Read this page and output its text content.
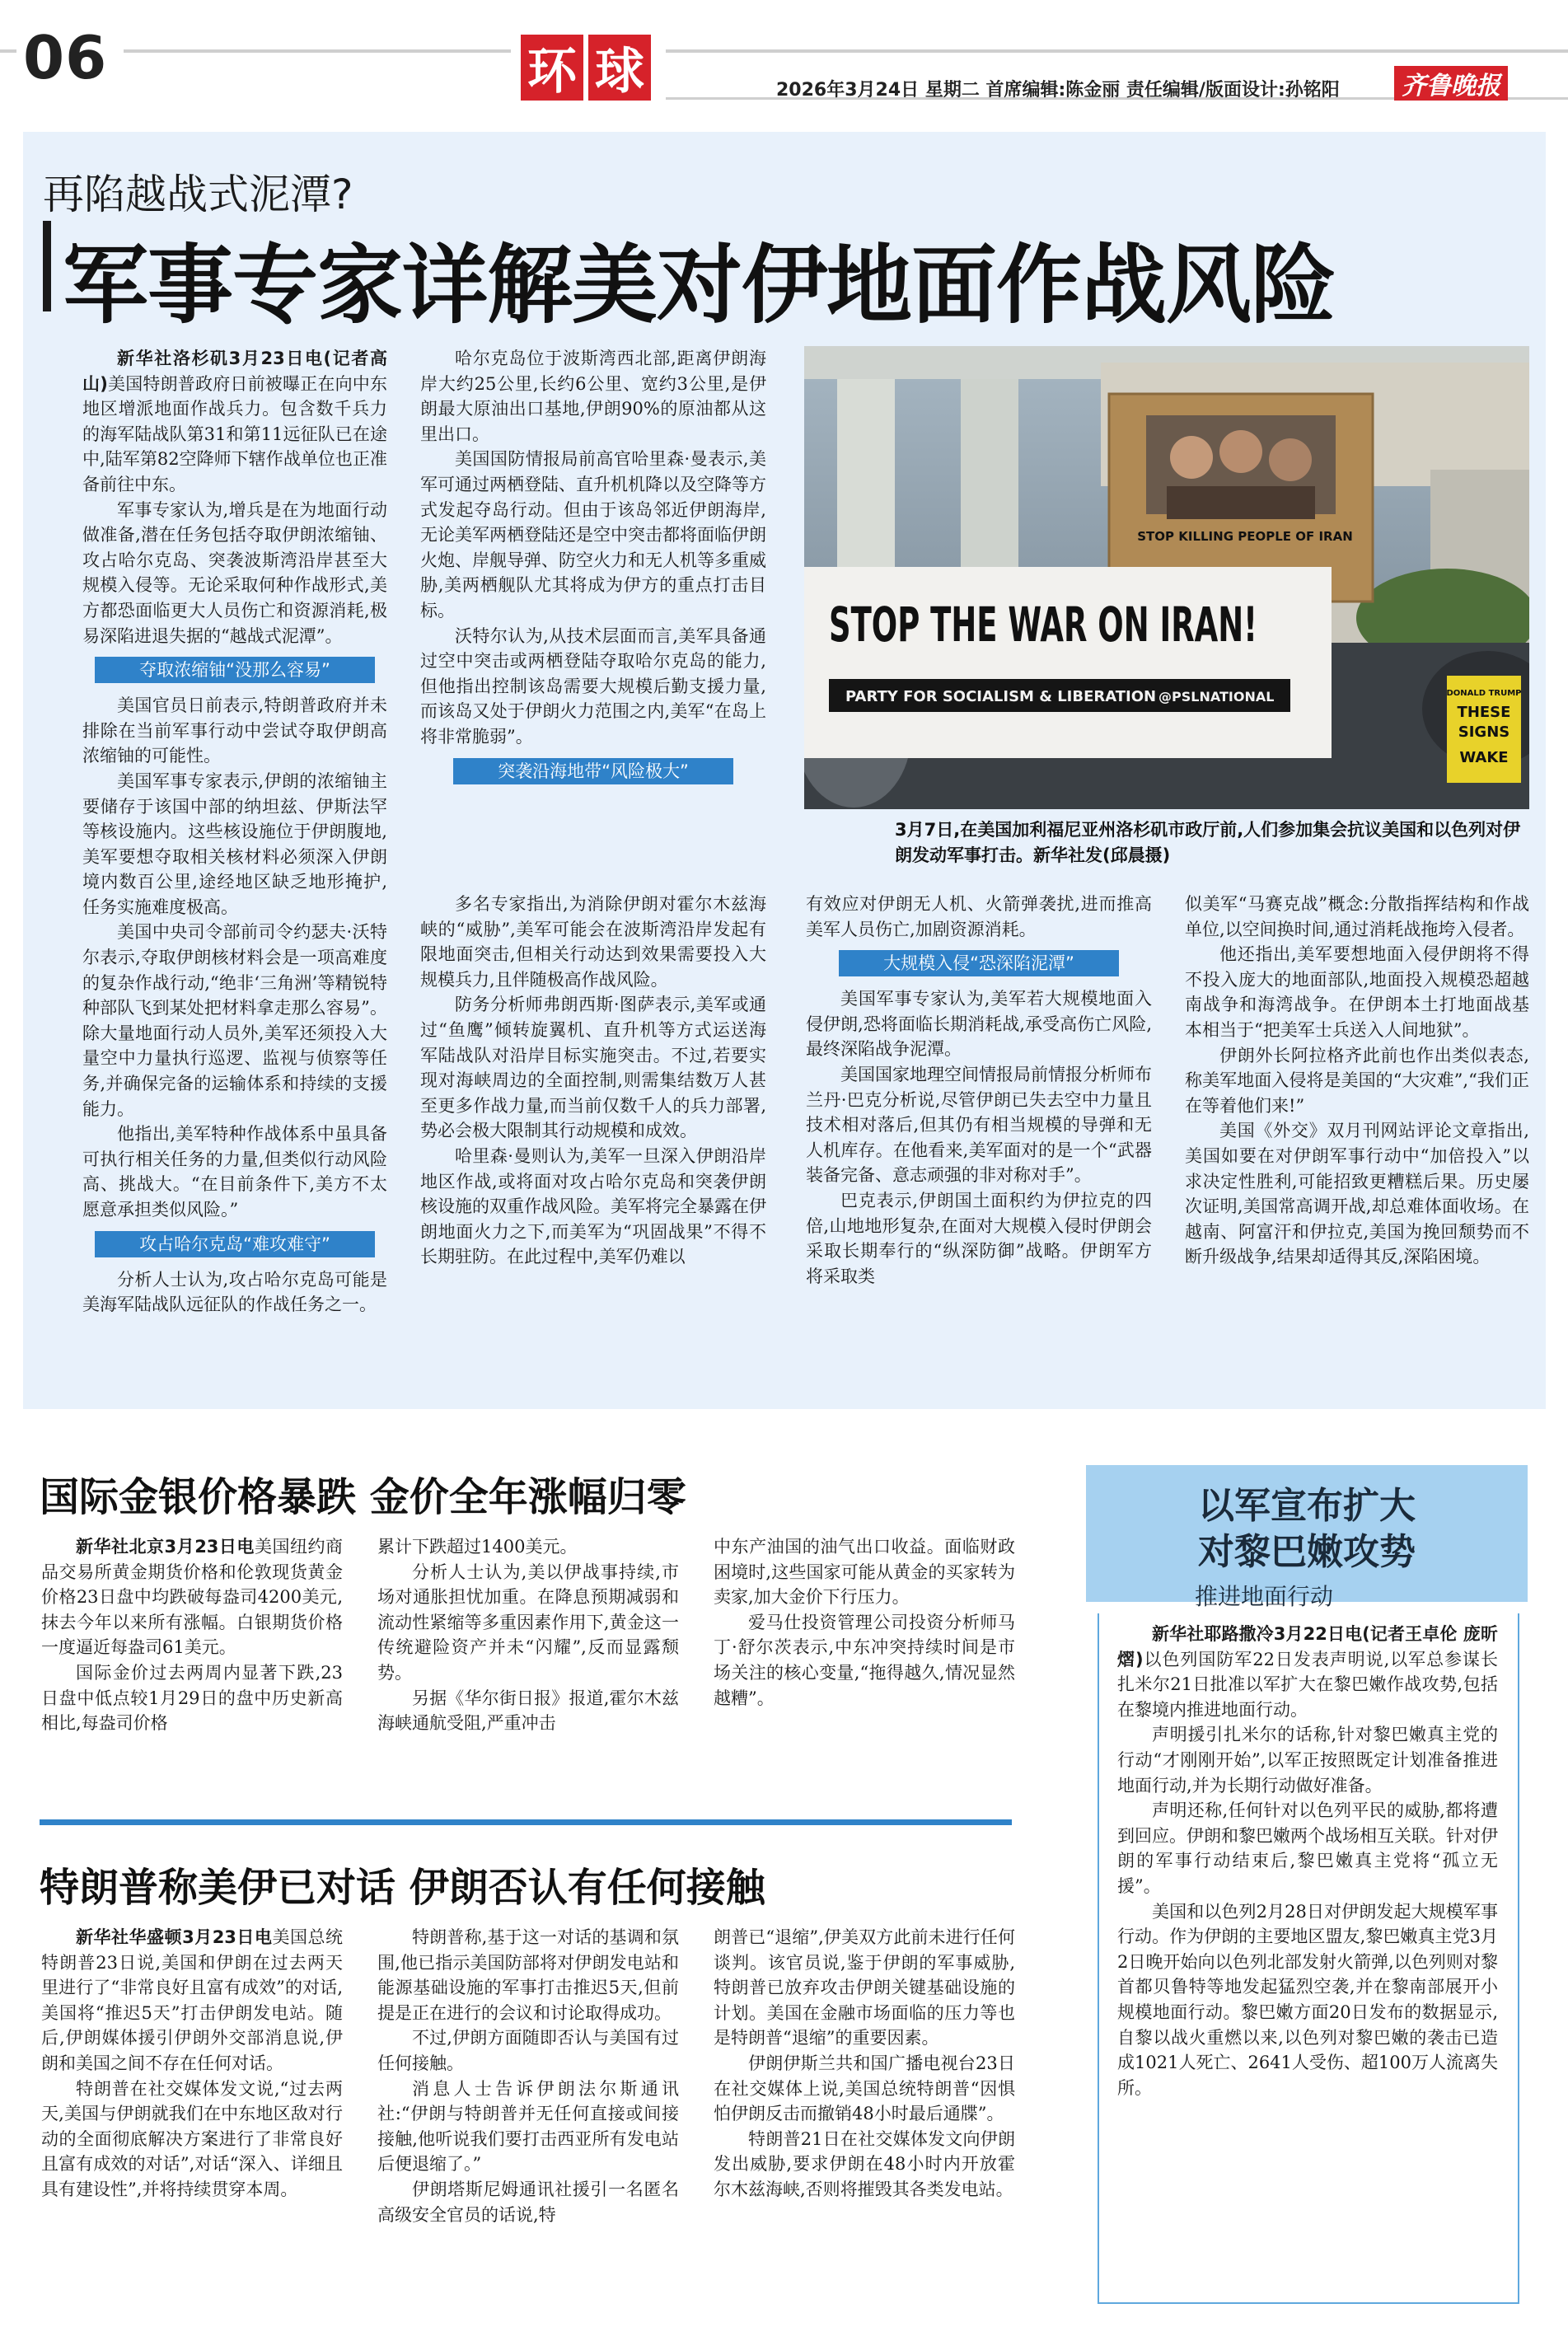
06	环 球	2026年3月24日 星期二 首席编辑:陈金丽 责任编辑/版面设计:孙铭阳	齐鲁晚报
再陷越战式泥潭?
军事专家详解美对伊地面作战风险

新华社洛杉矶3月23日电(记者高山)美国特朗普政府日前被曝正在向中东地区增派地面作战兵力。包含数千兵力的海军陆战队第31和第11远征队已在途中,陆军第82空降师下辖作战单位也正准备前往中东。

军事专家认为,增兵是在为地面行动做准备,潜在任务包括夺取伊朗浓缩铀、攻占哈尔克岛、突袭波斯湾沿岸甚至大规模入侵等。无论采取何种作战形式,美方都恐面临更大人员伤亡和资源消耗,极易深陷进退失据的“越战式泥潭”。

夺取浓缩铀“没那么容易”

美国官员日前表示,特朗普政府并未排除在当前军事行动中尝试夺取伊朗高浓缩铀的可能性。

美国军事专家表示,伊朗的浓缩铀主要储存于该国中部的纳坦兹、伊斯法罕等核设施内。这些核设施位于伊朗腹地,美军要想夺取相关核材料必须深入伊朗境内数百公里,途经地区缺乏地形掩护,任务实施难度极高。

美国中央司令部前司令约瑟夫·沃特尔表示,夺取伊朗核材料会是一项高难度的复杂作战行动,“绝非‘三角洲’等精锐特种部队飞到某处把材料拿走那么容易”。除大量地面行动人员外,美军还须投入大量空中力量执行巡逻、监视与侦察等任务,并确保完备的运输体系和持续的支援能力。

他指出,美军特种作战体系中虽具备可执行相关任务的力量,但类似行动风险高、挑战大。“在目前条件下,美方不太愿意承担类似风险。”

攻占哈尔克岛“难攻难守”

分析人士认为,攻占哈尔克岛可能是美海军陆战队远征队的作战任务之一。

哈尔克岛位于波斯湾西北部,距离伊朗海岸大约25公里,长约6公里、宽约3公里,是伊朗最大原油出口基地,伊朗90%的原油都从这里出口。

美国国防情报局前高官哈里森·曼表示,美军可通过两栖登陆、直升机机降以及空降等方式发起夺岛行动。但由于该岛邻近伊朗海岸,无论美军两栖登陆还是空中突击都将面临伊朗火炮、岸舰导弹、防空火力和无人机等多重威胁,美两栖舰队尤其将成为伊方的重点打击目标。

沃特尔认为,从技术层面而言,美军具备通过空中突击或两栖登陆夺取哈尔克岛的能力,但他指出控制该岛需要大规模后勤支援力量,而该岛又处于伊朗火力范围之内,美军“在岛上将非常脆弱”。

突袭沿海地带“风险极大”

多名专家指出,为消除伊朗对霍尔木兹海峡的“威胁”,美军可能会在波斯湾沿岸发起有限地面突击,但相关行动达到效果需要投入大规模兵力,且伴随极高作战风险。

防务分析师弗朗西斯·图萨表示,美军或通过“鱼鹰”倾转旋翼机、直升机等方式运送海军陆战队对沿岸目标实施突击。不过,若要实现对海峡周边的全面控制,则需集结数万人甚至更多作战力量,而当前仅数千人的兵力部署,势必会极大限制其行动规模和成效。

哈里森·曼则认为,美军一旦深入伊朗沿岸地区作战,或将面对攻占哈尔克岛和突袭伊朗核设施的双重作战风险。美军将完全暴露在伊朗地面火力之下,而美军为“巩固战果”不得不长期驻防。在此过程中,美军仍难以

有效应对伊朗无人机、火箭弹袭扰,进而推高美军人员伤亡,加剧资源消耗。

大规模入侵“恐深陷泥潭”

美国军事专家认为,美军若大规模地面入侵伊朗,恐将面临长期消耗战,承受高伤亡风险,最终深陷战争泥潭。

美国国家地理空间情报局前情报分析师布兰丹·巴克分析说,尽管伊朗已失去空中力量且技术相对落后,但其仍有相当规模的导弹和无人机库存。在他看来,美军面对的是一个“武器装备完备、意志顽强的非对称对手”。

巴克表示,伊朗国土面积约为伊拉克的四倍,山地地形复杂,在面对大规模入侵时伊朗会采取长期奉行的“纵深防御”战略。伊朗军方将采取类

似美军“马赛克战”概念:分散指挥结构和作战单位,以空间换时间,通过消耗战拖垮入侵者。

他还指出,美军要想地面入侵伊朗将不得不投入庞大的地面部队,地面投入规模恐超越南战争和海湾战争。在伊朗本土打地面战基本相当于“把美军士兵送入人间地狱”。

伊朗外长阿拉格齐此前也作出类似表态,称美军地面入侵将是美国的“大灾难”,“我们正在等着他们来!”

美国《外交》双月刊网站评论文章指出,美国如要在对伊朗军事行动中“加倍投入”以求决定性胜利,可能招致更糟糕后果。历史屡次证明,美国常高调开战,却总难体面收场。在越南、阿富汗和伊拉克,美国为挽回颓势而不断升级战争,结果却适得其反,深陷困境。

STOP KILLING PEOPLE OF IRAN
STOP THE WAR ON IRAN!
PARTY FOR SOCIALISM & LIBERATION @PSLNATIONAL	DONALD TRUMP
THESE
SIGNS
WAKE
3月7日,在美国加利福尼亚州洛杉矶市政厅前,人们参加集会抗议美国和以色列对伊朗发动军事打击。新华社发(邱晨摄)
国际金银价格暴跌 金价全年涨幅归零

新华社北京3月23日电美国纽约商品交易所黄金期货价格和伦敦现货黄金价格23日盘中均跌破每盎司4200美元,抹去今年以来所有涨幅。白银期货价格一度逼近每盎司61美元。

国际金价过去两周内显著下跌,23日盘中低点较1月29日的盘中历史新高相比,每盎司价格

累计下跌超过1400美元。

分析人士认为,美以伊战事持续,市场对通胀担忧加重。在降息预期减弱和流动性紧缩等多重因素作用下,黄金这一传统避险资产并未“闪耀”,反而显露颓势。

另据《华尔街日报》报道,霍尔木兹海峡通航受阻,严重冲击

中东产油国的油气出口收益。面临财政困境时,这些国家可能从黄金的买家转为卖家,加大金价下行压力。

爱马仕投资管理公司投资分析师马丁·舒尔茨表示,中东冲突持续时间是市场关注的核心变量,“拖得越久,情况显然越糟”。

特朗普称美伊已对话 伊朗否认有任何接触

新华社华盛顿3月23日电美国总统特朗普23日说,美国和伊朗在过去两天里进行了“非常良好且富有成效”的对话,美国将“推迟5天”打击伊朗发电站。随后,伊朗媒体援引伊朗外交部消息说,伊朗和美国之间不存在任何对话。

特朗普在社交媒体发文说,“过去两天,美国与伊朗就我们在中东地区敌对行动的全面彻底解决方案进行了非常良好且富有成效的对话”,对话“深入、详细且具有建设性”,并将持续贯穿本周。

特朗普称,基于这一对话的基调和氛围,他已指示美国防部将对伊朗发电站和能源基础设施的军事打击推迟5天,但前提是正在进行的会议和讨论取得成功。

不过,伊朗方面随即否认与美国有过任何接触。

消息人士告诉伊朗法尔斯通讯社:“伊朗与特朗普并无任何直接或间接接触,他听说我们要打击西亚所有发电站后便退缩了。”

伊朗塔斯尼姆通讯社援引一名匿名高级安全官员的话说,特

朗普已“退缩”,伊美双方此前未进行任何谈判。该官员说,鉴于伊朗的军事威胁,特朗普已放弃攻击伊朗关键基础设施的计划。美国在金融市场面临的压力等也是特朗普“退缩”的重要因素。

伊朗伊斯兰共和国广播电视台23日在社交媒体上说,美国总统特朗普“因惧怕伊朗反击而撤销48小时最后通牒”。

特朗普21日在社交媒体发文向伊朗发出威胁,要求伊朗在48小时内开放霍尔木兹海峡,否则将摧毁其各类发电站。

以军宣布扩大
对黎巴嫩攻势
推进地面行动

新华社耶路撒冷3月22日电(记者王卓伦 庞昕熠)以色列国防军22日发表声明说,以军总参谋长扎米尔21日批准以军扩大在黎巴嫩作战攻势,包括在黎境内推进地面行动。

声明援引扎米尔的话称,针对黎巴嫩真主党的行动“才刚刚开始”,以军正按照既定计划准备推进地面行动,并为长期行动做好准备。

声明还称,任何针对以色列平民的威胁,都将遭到回应。伊朗和黎巴嫩两个战场相互关联。针对伊朗的军事行动结束后,黎巴嫩真主党将“孤立无援”。

美国和以色列2月28日对伊朗发起大规模军事行动。作为伊朗的主要地区盟友,黎巴嫩真主党3月2日晚开始向以色列北部发射火箭弹,以色列则对黎首都贝鲁特等地发起猛烈空袭,并在黎南部展开小规模地面行动。黎巴嫩方面20日发布的数据显示,自黎以战火重燃以来,以色列对黎巴嫩的袭击已造成1021人死亡、2641人受伤、超100万人流离失所。
